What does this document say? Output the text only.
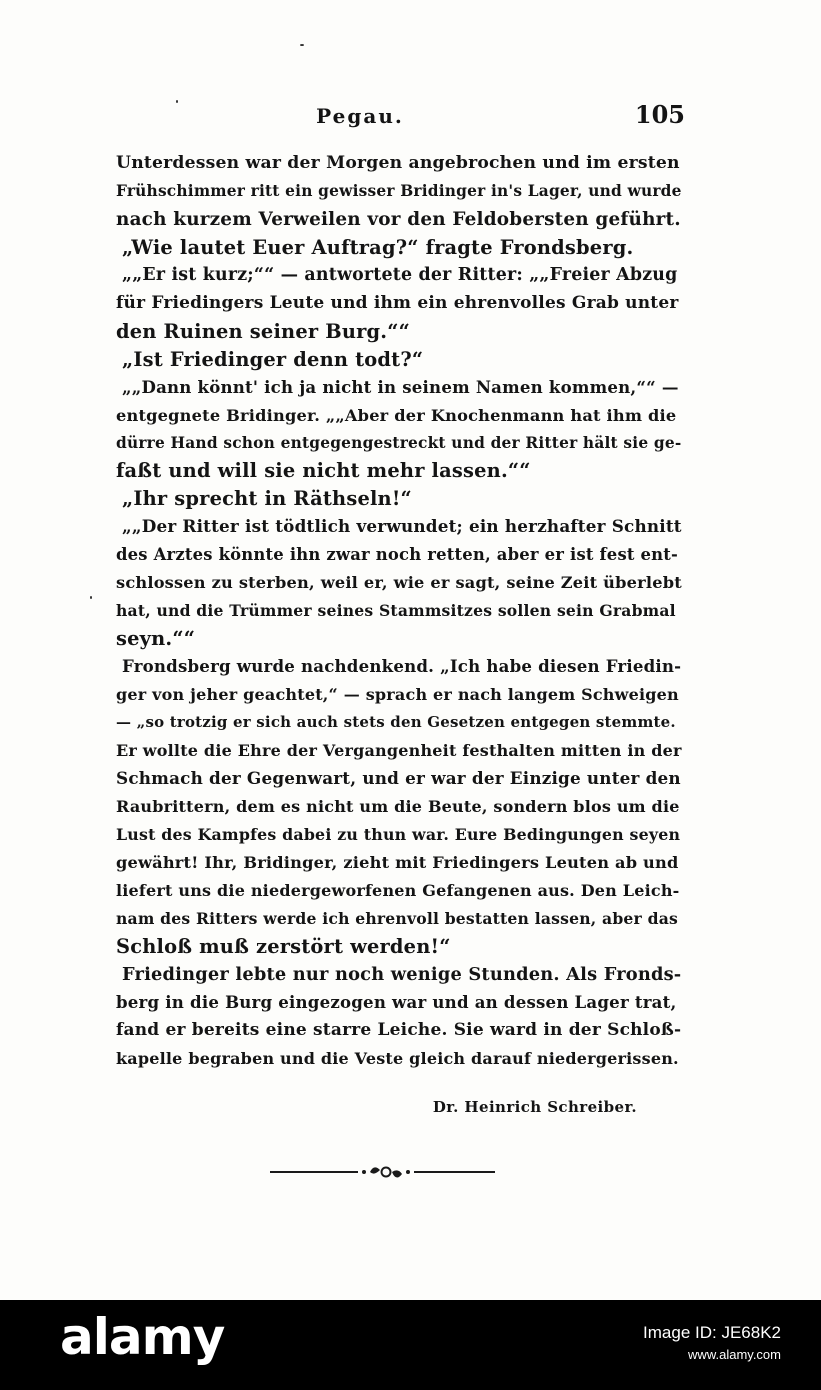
Pegau.	105
Unterdessen war der Morgen angebrochen und im ersten
Frühschimmer ritt ein gewisser Bridinger in's Lager, und wurde
nach kurzem Verweilen vor den Feldobersten geführt.
„Wie lautet Euer Auftrag?“ fragte Frondsberg.
„„Er ist kurz;““ — antwortete der Ritter: „„Freier Abzug
für Friedingers Leute und ihm ein ehrenvolles Grab unter
den Ruinen seiner Burg.““
„Ist Friedinger denn todt?“
„„Dann könnt' ich ja nicht in seinem Namen kommen,““ —
entgegnete Bridinger. „„Aber der Knochenmann hat ihm die
dürre Hand schon entgegengestreckt und der Ritter hält sie ge-
faßt und will sie nicht mehr lassen.““
„Ihr sprecht in Räthseln!“
„„Der Ritter ist tödtlich verwundet; ein herzhafter Schnitt
des Arztes könnte ihn zwar noch retten, aber er ist fest ent-
schlossen zu sterben, weil er, wie er sagt, seine Zeit überlebt
hat, und die Trümmer seines Stammsitzes sollen sein Grabmal
seyn.““
Frondsberg wurde nachdenkend. „Ich habe diesen Friedin-
ger von jeher geachtet,“ — sprach er nach langem Schweigen
— „so trotzig er sich auch stets den Gesetzen entgegen stemmte.
Er wollte die Ehre der Vergangenheit festhalten mitten in der
Schmach der Gegenwart, und er war der Einzige unter den
Raubrittern, dem es nicht um die Beute, sondern blos um die
Lust des Kampfes dabei zu thun war. Eure Bedingungen seyen
gewährt! Ihr, Bridinger, zieht mit Friedingers Leuten ab und
liefert uns die niedergeworfenen Gefangenen aus. Den Leich-
nam des Ritters werde ich ehrenvoll bestatten lassen, aber das
Schloß muß zerstört werden!“
Friedinger lebte nur noch wenige Stunden. Als Fronds-
berg in die Burg eingezogen war und an dessen Lager trat,
fand er bereits eine starre Leiche. Sie ward in der Schloß-
kapelle begraben und die Veste gleich darauf niedergerissen.
Dr. Heinrich Schreiber.
alamy	Image ID: JE68K2
www.alamy.com
